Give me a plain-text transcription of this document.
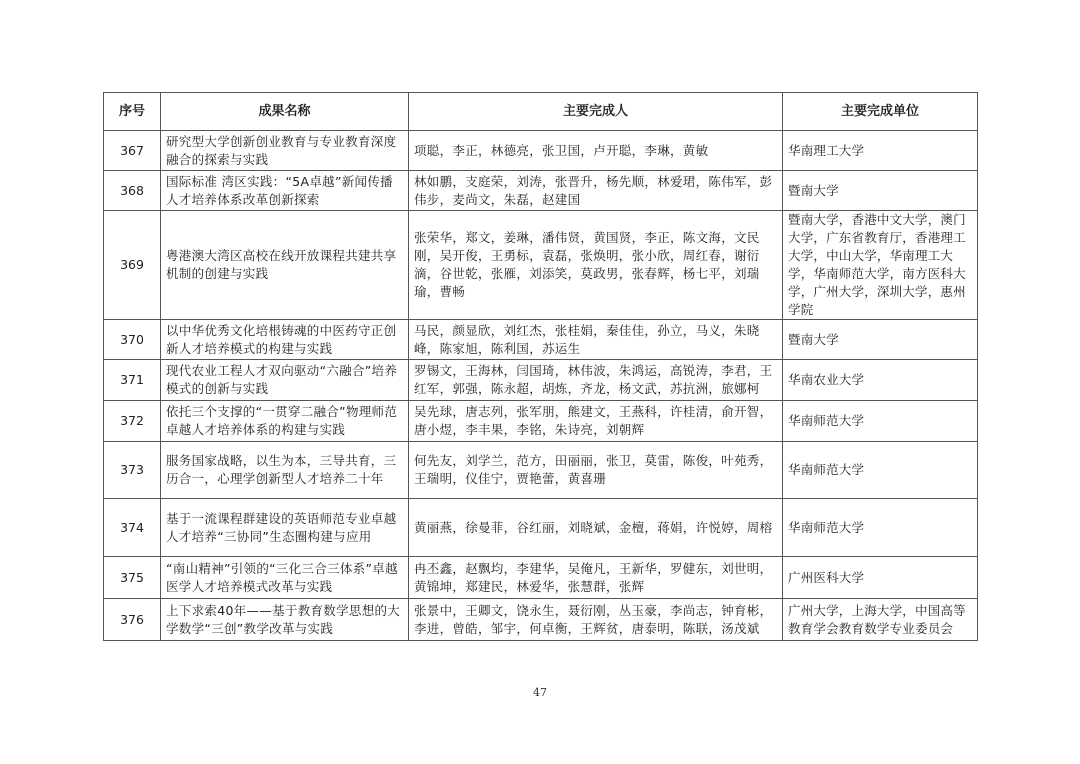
序号	成果名称	主要完成人	主要完成单位
367	研究型大学创新创业教育与专业教育深度融合的探索与实践	项聪，李正，林德亮，张卫国，卢开聪，李琳，黄敏	华南理工大学
368	国际标准 湾区实践：“5A卓越”新闻传播人才培养体系改革创新探索	林如鹏，支庭荣，刘涛，张晋升，杨先顺，林爱珺，陈伟军，彭伟步，麦尚文，朱磊，赵建国	暨南大学
369	粤港澳大湾区高校在线开放课程共建共享机制的创建与实践	张荣华，郑文，姜琳，潘伟贤，黄国贤，李正，陈文海，文民刚，吴开俊，王勇标，袁磊，张焕明，张小欣，周红春，谢衍滴，谷世乾，张雁，刘添笑，莫政男，张春辉，杨七平，刘瑞瑜，曹畅	暨南大学，香港中文大学，澳门大学，广东省教育厅，香港理工大学，中山大学，华南理工大学，华南师范大学，南方医科大学，广州大学，深圳大学，惠州学院
370	以中华优秀文化培根铸魂的中医药守正创新人才培养模式的构建与实践	马民，颜显欣，刘红杰，张桂娟，秦佳佳，孙立，马义，朱晓峰，陈家旭，陈利国，苏运生	暨南大学
371	现代农业工程人才双向驱动“六融合”培养模式的创新与实践	罗锡文，王海林，闫国琦，林伟波，朱鸿运，高锐涛，李君，王红军，郭强，陈永超，胡炼，齐龙，杨文武，苏抗洲，旅娜柯	华南农业大学
372	依托三个支撑的“一贯穿二融合”物理师范卓越人才培养体系的构建与实践	吴先球，唐志列，张军朋，熊建文，王燕科，许桂清，俞开智，唐小煜，李丰果，李铭，朱诗亮，刘朝辉	华南师范大学
373	服务国家战略，以生为本，三导共育，三历合一，心理学创新型人才培养二十年	何先友，刘学兰，范方，田丽丽，张卫，莫雷，陈俊，叶苑秀，王瑞明，仪佳宁，贾艳蕾，黄喜珊	华南师范大学
374	基于一流课程群建设的英语师范专业卓越人才培养“三协同”生态圈构建与应用	黄丽燕，徐曼菲，谷红丽，刘晓斌，金檀，蒋娟，许悦婷，周榕	华南师范大学
375	“南山精神”引领的“三化三合三体系”卓越医学人才培养模式改革与实践	冉丕鑫，赵飘均，李建华，吴俺凡，王新华，罗健东，刘世明，黄锦坤，郑建民，林爱华，张慧群，张辉	广州医科大学
376	上下求索40年——基于教育数学思想的大学数学“三创”教学改革与实践	张景中，王卿文，饶永生，聂衍刚，丛玉豪，李尚志，钟育彬，李进，曾皓，邹宇，何卓衡，王辉贫，唐泰明，陈联，汤茂斌	广州大学，上海大学，中国高等教育学会教育数学专业委员会
47
